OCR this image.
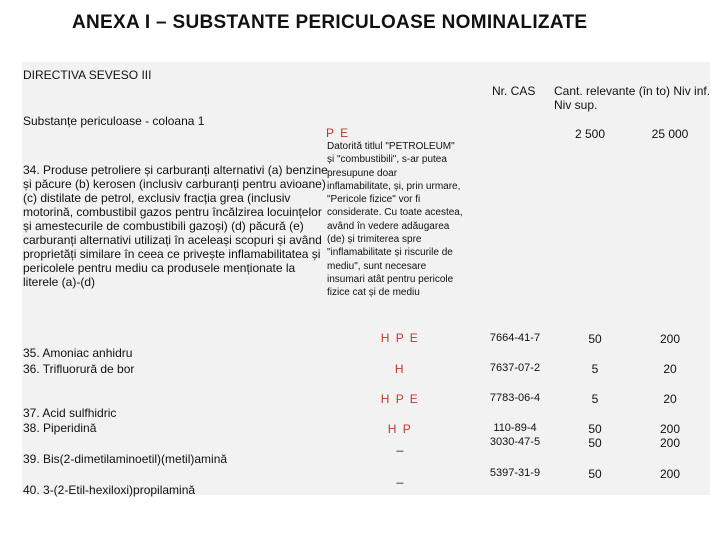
ANEXA I – SUBSTANTE PERICULOASE NOMINALIZATE
DIRECTIVA SEVESO III
Nr. CAS Cant. relevante (în to) Niv inf.
Niv sup.
Substanțe periculoase - coloana 1
P E
34. Produse petroliere și carburanți alternativi (a) benzine
și păcure (b) kerosen (inclusiv carburanți pentru avioane)
(c) distilate de petrol, exclusiv fracția grea (inclusiv
motorină, combustibil gazos pentru încălzirea locuințelor
și amestecurile de combustibili gazoși) (d) păcură (e)
carburanți alternativi utilizați în aceleași scopuri și având
proprietăți similare în ceea ce privește inflamabilitatea și
pericolele pentru mediu ca produsele menționate la
literele (a)-(d)
Datorită titlul "PETROLEUM"
și "combustibili", s-ar putea
presupune doar
inflamabilitate, și, prin urmare,
"Pericole fizice" vor fi
considerate. Cu toate acestea,
având în vedere adăugarea
(de) și trimiterea spre
"inflamabilitate și riscurile de
mediu", sunt necesare
insumari atât pentru pericole
fizice cat și de mediu
2 500	25 000
35. Amoniac anhidru
36. Trifluorură de bor
37. Acid sulfhidric
38. Piperidină
39. Bis(2-dimetilaminoetil)(metil)amină
40. 3-(2-Etil-hexiloxi)propilamină
H P E
H
H P E
H P
_
_
7664-41-7
7637-07-2
7783-06-4
110-89-4
3030-47-5
5397-31-9
50
5
5
50
50
50
200
20
20
200
200
200
